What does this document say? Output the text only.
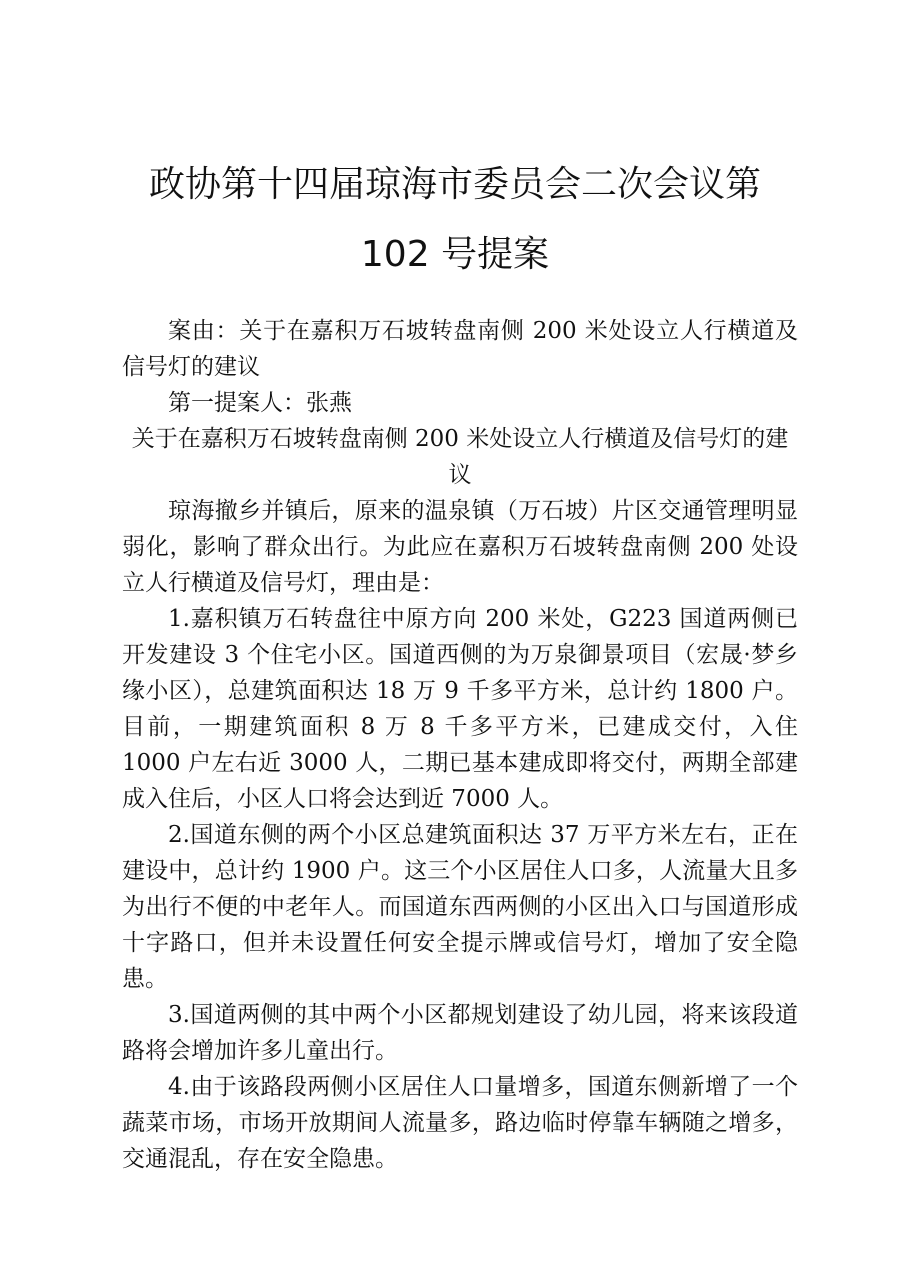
政协第十四届琼海市委员会二次会议第 102 号提案

案由：关于在嘉积万石坡转盘南侧 200 米处设立人行横道及信号灯的建议

第一提案人：张燕

关于在嘉积万石坡转盘南侧 200 米处设立人行横道及信号灯的建议

琼海撤乡并镇后，原来的温泉镇（万石坡）片区交通管理明显弱化，影响了群众出行。为此应在嘉积万石坡转盘南侧 200 处设立人行横道及信号灯，理由是：

1.嘉积镇万石转盘往中原方向 200 米处，G223 国道两侧已开发建设 3 个住宅小区。国道西侧的为万泉御景项目（宏晟·梦乡缘小区），总建筑面积达 18 万 9 千多平方米，总计约 1800 户。目前，一期建筑面积 8 万 8 千多平方米，已建成交付，入住 1000 户左右近 3000 人，二期已基本建成即将交付，两期全部建成入住后，小区人口将会达到近 7000 人。

2.国道东侧的两个小区总建筑面积达 37 万平方米左右，正在建设中，总计约 1900 户。这三个小区居住人口多，人流量大且多为出行不便的中老年人。而国道东西两侧的小区出入口与国道形成十字路口，但并未设置任何安全提示牌或信号灯，增加了安全隐患。

3.国道两侧的其中两个小区都规划建设了幼儿园，将来该段道路将会增加许多儿童出行。

4.由于该路段两侧小区居住人口量增多，国道东侧新增了一个蔬菜市场，市场开放期间人流量多，路边临时停靠车辆随之增多，交通混乱，存在安全隐患。
